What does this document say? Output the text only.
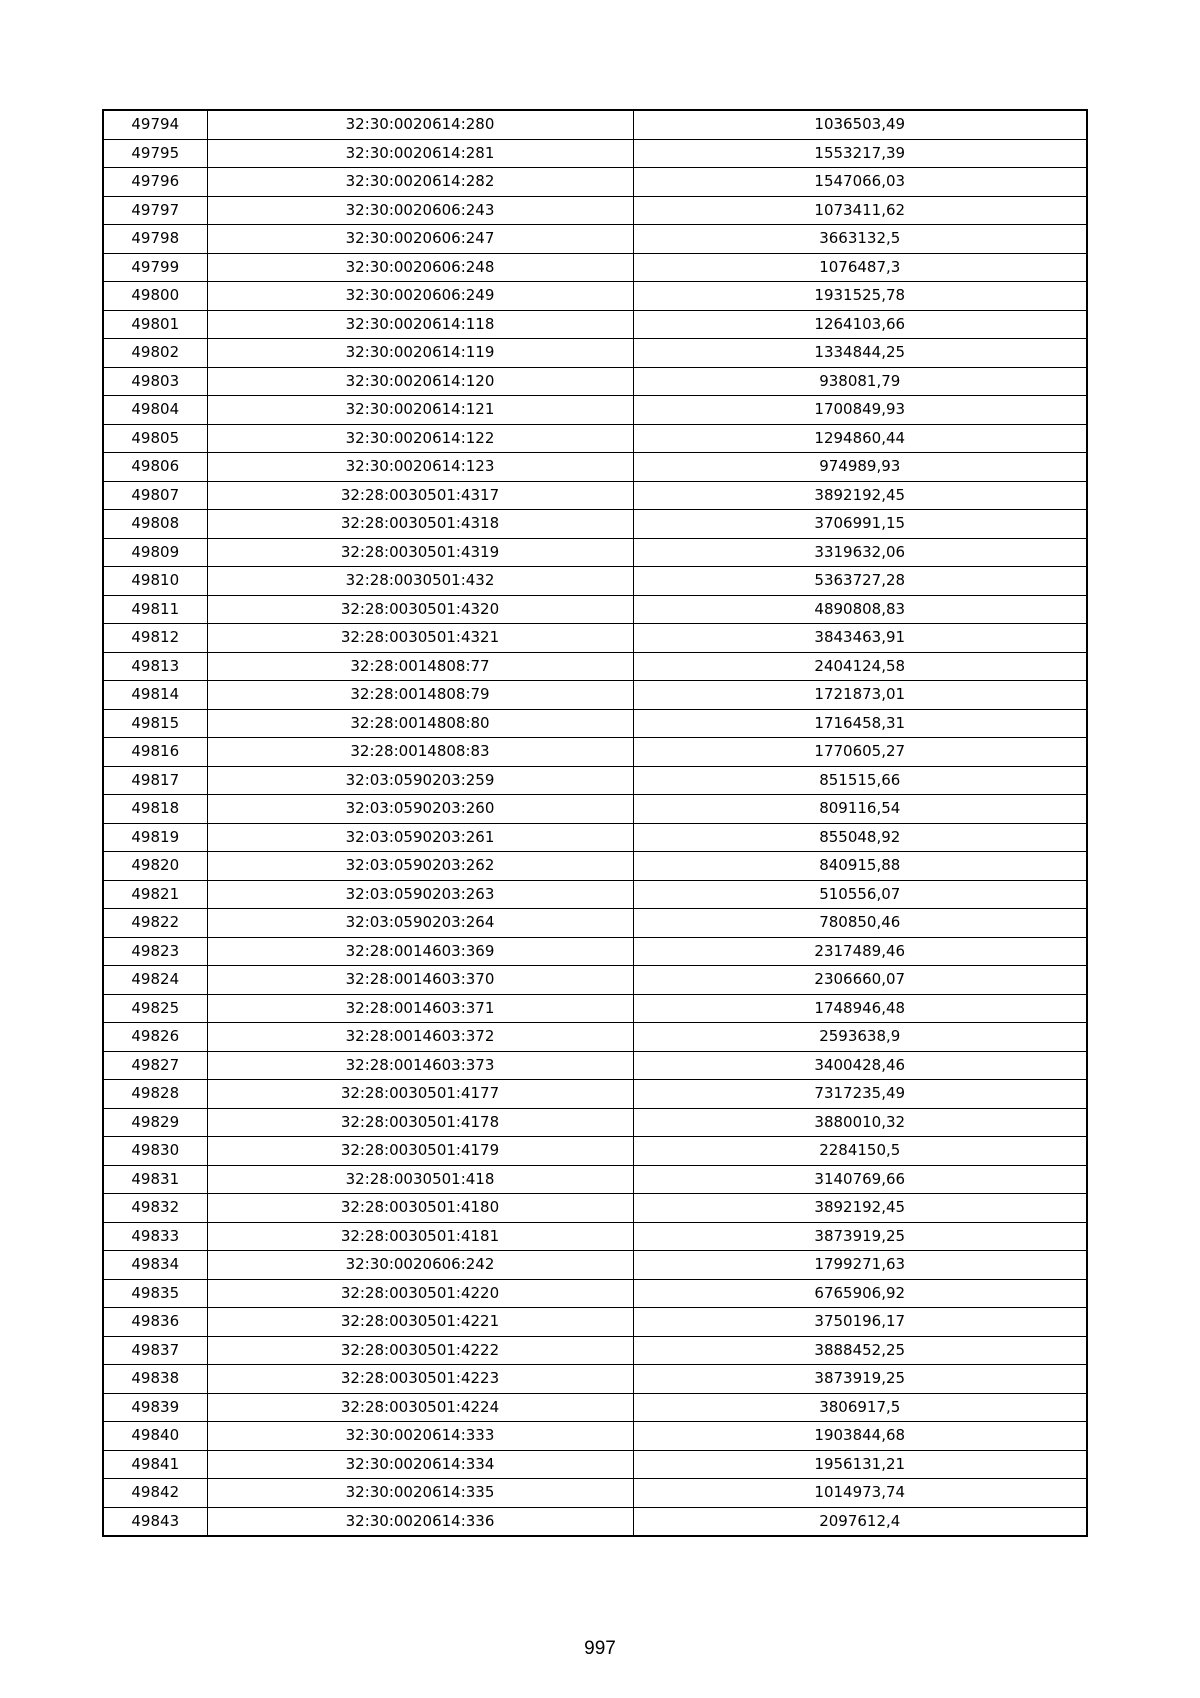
49794	32:30:0020614:280	1036503,49
49795	32:30:0020614:281	1553217,39
49796	32:30:0020614:282	1547066,03
49797	32:30:0020606:243	1073411,62
49798	32:30:0020606:247	3663132,5
49799	32:30:0020606:248	1076487,3
49800	32:30:0020606:249	1931525,78
49801	32:30:0020614:118	1264103,66
49802	32:30:0020614:119	1334844,25
49803	32:30:0020614:120	938081,79
49804	32:30:0020614:121	1700849,93
49805	32:30:0020614:122	1294860,44
49806	32:30:0020614:123	974989,93
49807	32:28:0030501:4317	3892192,45
49808	32:28:0030501:4318	3706991,15
49809	32:28:0030501:4319	3319632,06
49810	32:28:0030501:432	5363727,28
49811	32:28:0030501:4320	4890808,83
49812	32:28:0030501:4321	3843463,91
49813	32:28:0014808:77	2404124,58
49814	32:28:0014808:79	1721873,01
49815	32:28:0014808:80	1716458,31
49816	32:28:0014808:83	1770605,27
49817	32:03:0590203:259	851515,66
49818	32:03:0590203:260	809116,54
49819	32:03:0590203:261	855048,92
49820	32:03:0590203:262	840915,88
49821	32:03:0590203:263	510556,07
49822	32:03:0590203:264	780850,46
49823	32:28:0014603:369	2317489,46
49824	32:28:0014603:370	2306660,07
49825	32:28:0014603:371	1748946,48
49826	32:28:0014603:372	2593638,9
49827	32:28:0014603:373	3400428,46
49828	32:28:0030501:4177	7317235,49
49829	32:28:0030501:4178	3880010,32
49830	32:28:0030501:4179	2284150,5
49831	32:28:0030501:418	3140769,66
49832	32:28:0030501:4180	3892192,45
49833	32:28:0030501:4181	3873919,25
49834	32:30:0020606:242	1799271,63
49835	32:28:0030501:4220	6765906,92
49836	32:28:0030501:4221	3750196,17
49837	32:28:0030501:4222	3888452,25
49838	32:28:0030501:4223	3873919,25
49839	32:28:0030501:4224	3806917,5
49840	32:30:0020614:333	1903844,68
49841	32:30:0020614:334	1956131,21
49842	32:30:0020614:335	1014973,74
49843	32:30:0020614:336	2097612,4
997
